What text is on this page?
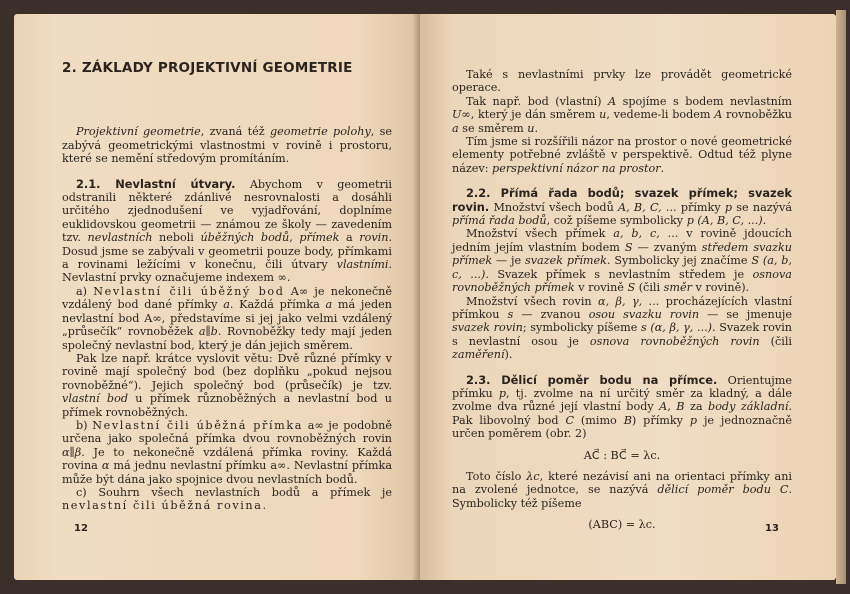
2. ZÁKLADY PROJEKTIVNÍ GEOMETRIE

Projektivní geometrie, zvaná též geometrie polohy, se zabývá geometrickými vlastnostmi v rovině i prostoru, které se nemění středovým promítáním.

2.1. Nevlastní útvary. Abychom v geometrii odstranili některé zdánlivé nesrovnalosti a dosáhli určitého zjednodušení ve vyjadřování, doplníme euklidovskou geometrii — známou ze školy — zavedením tzv. nevlastních neboli úběžných bodů, přímek a rovin. Dosud jsme se zabývali v geometrii pouze body, přímkami a rovinami ležícími v konečnu, čili útvary vlastními. Nevlastní prvky označujeme indexem ∞.

a) Nevlastní čili úběžný bod A∞ je nekonečně vzdálený bod dané přímky a. Každá přímka a má jeden nevlastní bod A∞, představíme si jej jako velmi vzdálený „průsečík“ rovnoběžek a∥b. Rovnoběžky tedy mají jeden společný nevlastní bod, který je dán jejich směrem.

Pak lze např. krátce vyslovit větu: Dvě různé přímky v rovině mají společný bod (bez doplňku „pokud nejsou rovnoběžné“). Jejich společný bod (průsečík) je tzv. vlastní bod u přímek různoběžných a nevlastní bod u přímek rovnoběžných.

b) Nevlastní čili úběžná přímka a∞ je podobně určena jako společná přímka dvou rovnoběžných rovin α∥β. Je to nekonečně vzdálená přímka roviny. Každá rovina α má jednu nevlastní přímku a∞. Nevlastní přímka může být dána jako spojnice dvou nevlastních bodů.

c) Souhrn všech nevlastních bodů a přímek je nevlastní čili úběžná rovina.

12

Také s nevlastními prvky lze provádět geometrické operace.

Tak např. bod (vlastní) A spojíme s bodem nevlastním U∞, který je dán směrem u, vedeme-li bodem A rovnoběžku a se směrem u.

Tím jsme si rozšířili názor na prostor o nové geometrické elementy potřebné zvláště v perspektivě. Odtud též plyne název: perspektivní názor na prostor.

2.2. Přímá řada bodů; svazek přímek; svazek rovin. Množství všech bodů A, B, C, ... přímky p se nazývá přímá řada bodů, což píšeme symbolicky p (A, B, C, ...).

Množství všech přímek a, b, c, ... v rovině jdoucích jedním jejím vlastním bodem S — zvaným středem svazku přímek — je svazek přímek. Symbolicky jej značíme S (a, b, c, ...). Svazek přímek s nevlastním středem je osnova rovnoběžných přímek v rovině S (čili směr v rovině).

Množství všech rovin α, β, γ, ... procházejících vlastní přímkou s — zvanou osou svazku rovin — se jmenuje svazek rovin; symbolicky píšeme s (α, β, γ, ...). Svazek rovin s nevlastní osou je osnova rovnoběžných rovin (čili zaměření).

2.3. Dělicí poměr bodu na přímce. Orientujme přímku p, tj. zvolme na ní určitý směr za kladný, a dále zvolme dva různé její vlastní body A, B za body základní. Pak libovolný bod C (mimo B) přímky p je jednoznačně určen poměrem (obr. 2)

AC⃗ : BC⃗ = λc.

Toto číslo λc, které nezávisí ani na orientaci přímky ani na zvolené jednotce, se nazývá dělicí poměr bodu C. Symbolicky též píšeme

(ABC) = λc.	13
